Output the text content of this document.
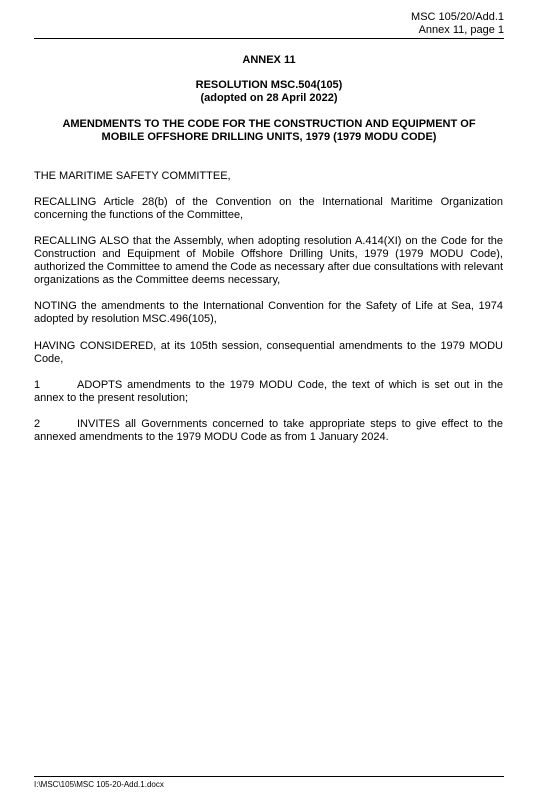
MSC 105/20/Add.1
Annex 11, page 1
ANNEX 11
RESOLUTION MSC.504(105)
(adopted on 28 April 2022)
AMENDMENTS TO THE CODE FOR THE CONSTRUCTION AND EQUIPMENT OF
MOBILE OFFSHORE DRILLING UNITS, 1979 (1979 MODU CODE)

THE MARITIME SAFETY COMMITTEE,

RECALLING Article 28(b) of the Convention on the International Maritime Organization concerning the functions of the Committee,

RECALLING ALSO that the Assembly, when adopting resolution A.414(XI) on the Code for the Construction and Equipment of Mobile Offshore Drilling Units, 1979 (1979 MODU Code), authorized the Committee to amend the Code as necessary after due consultations with relevant organizations as the Committee deems necessary,

NOTING the amendments to the International Convention for the Safety of Life at Sea, 1974 adopted by resolution MSC.496(105),

HAVING CONSIDERED, at its 105th session, consequential amendments to the 1979 MODU Code,

1	ADOPTS amendments to the 1979 MODU Code, the text of which is set out in the annex to the present resolution;

2	INVITES all Governments concerned to take appropriate steps to give effect to the annexed amendments to the 1979 MODU Code as from 1 January 2024.

I:\MSC\105\MSC 105-20-Add.1.docx
